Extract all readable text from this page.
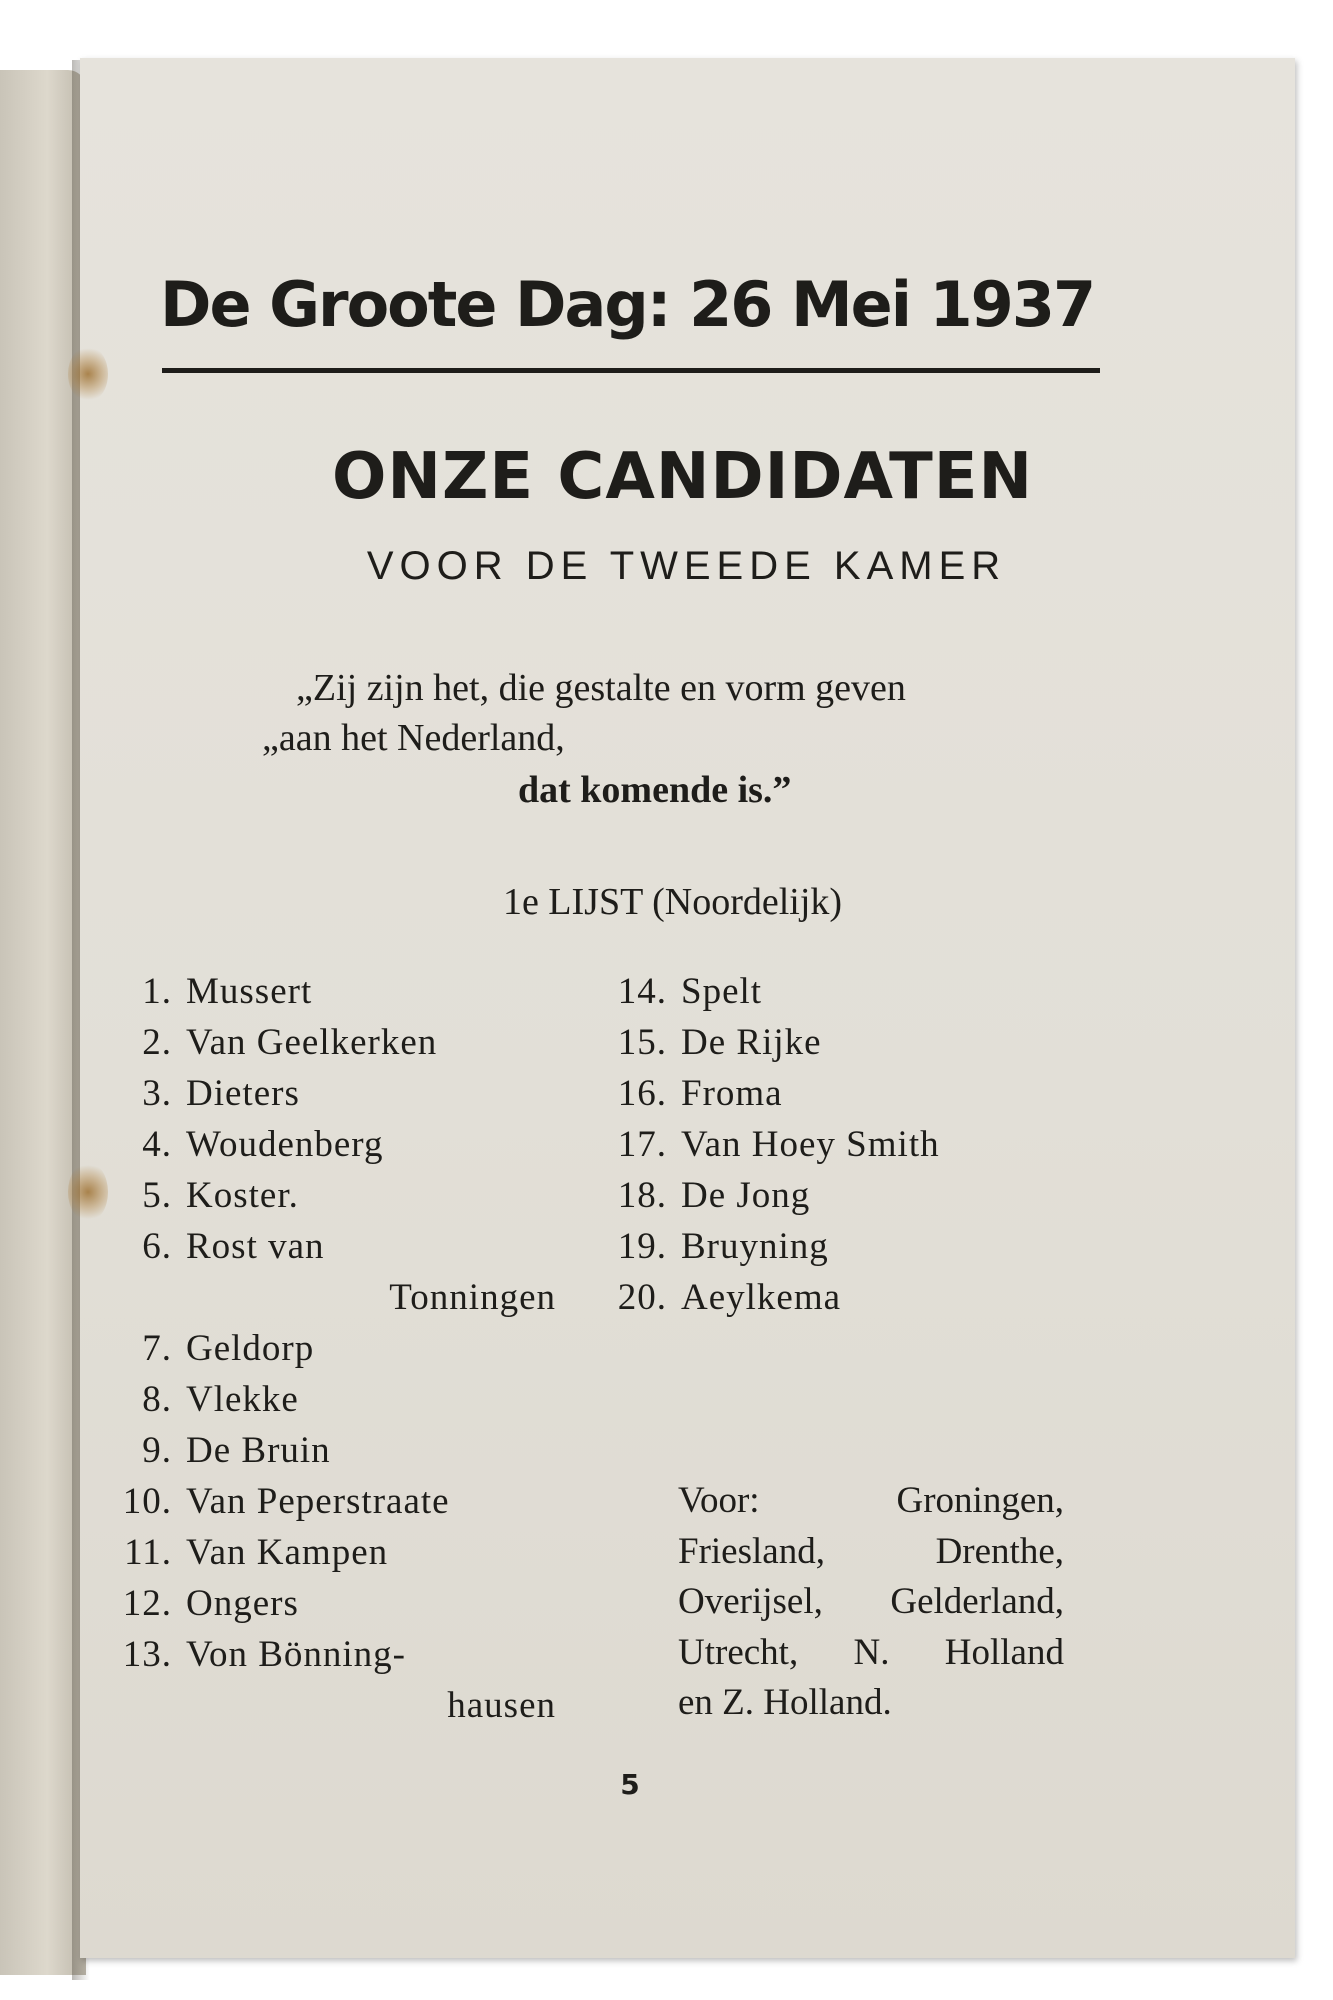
De Groote Dag: 26 Mei 1937
ONZE CANDIDATEN
VOOR DE TWEEDE KAMER
„Zij zijn het, die gestalte en vorm geven
„aan het Nederland,
dat komende is.”
1e LIJST (Noordelijk)
1. Mussert
2. Van Geelkerken
3. Dieters
4. Woudenberg
5. Koster.
6. Rost van
Tonningen
7. Geldorp
8. Vlekke
9. De Bruin
10. Van Peperstraate
11. Van Kampen
12. Ongers
13. Von Bönning-
hausen
14. Spelt
15. De Rijke
16. Froma
17. Van Hoey Smith
18. De Jong
19. Bruyning
20. Aeylkema
Voor:	Groningen,
Friesland,	Drenthe,
Overijsel, Gelderland,
Utrecht, N. Holland
en Z. Holland.
5
